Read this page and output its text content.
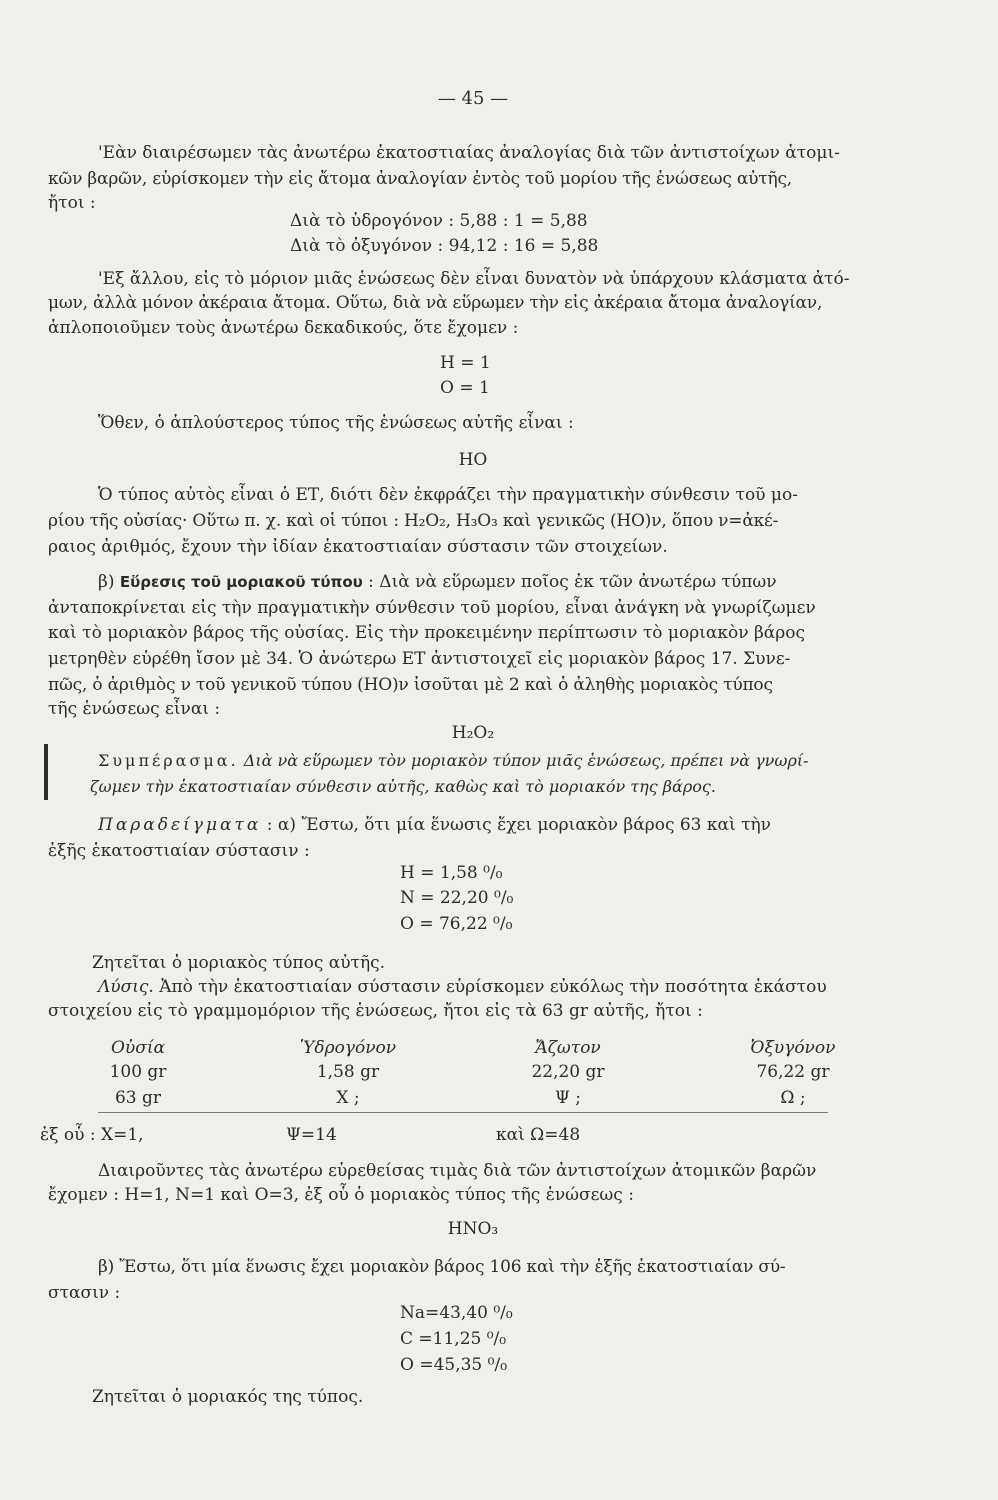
— 45 —
'Εὰν διαιρέσωμεν τὰς ἀνωτέρω ἑκατοστιαίας ἀναλογίας διὰ τῶν ἀντιστοίχων ἀτομι-
κῶν βαρῶν, εὑρίσκομεν τὴν εἰς ἄτομα ἀναλογίαν ἐντὸς τοῦ μορίου τῆς ἑνώσεως αὐτῆς,
ἤτοι :
Διὰ τὸ ὑδρογόνον : 5,88 : 1 = 5,88
Διὰ τὸ ὀξυγόνον : 94,12 : 16 = 5,88
'Εξ ἄλλου, εἰς τὸ μόριον μιᾶς ἑνώσεως δὲν εἶναι δυνατὸν νὰ ὑπάρχουν κλάσματα ἀτό-
μων, ἀλλὰ μόνον ἀκέραια ἄτομα. Οὕτω, διὰ νὰ εὕρωμεν τὴν εἰς ἀκέραια ἄτομα ἀναλογίαν,
ἁπλοποιοῦμεν τοὺς ἀνωτέρω δεκαδικούς, ὅτε ἔχομεν :
H = 1
O = 1
Ὅθεν, ὁ ἁπλούστερος τύπος τῆς ἑνώσεως αὐτῆς εἶναι :
HO
Ὁ τύπος αὐτὸς εἶναι ὁ ΕΤ, διότι δὲν ἐκφράζει τὴν πραγματικὴν σύνθεσιν τοῦ μο-
ρίου τῆς οὐσίας· Οὕτω π. χ. καὶ οἱ τύποι : H₂O₂, H₃O₃ καὶ γενικῶς (HO)ν, ὅπου ν=ἀκέ-
ραιος ἀριθμός, ἔχουν τὴν ἰδίαν ἑκατοστιαίαν σύστασιν τῶν στοιχείων.
β) Εὕρεσις τοῦ μοριακοῦ τύπου : Διὰ νὰ εὕρωμεν ποῖος ἐκ τῶν ἀνωτέρω τύπων
ἀνταποκρίνεται εἰς τὴν πραγματικὴν σύνθεσιν τοῦ μορίου, εἶναι ἀνάγκη νὰ γνωρίζωμεν
καὶ τὸ μοριακὸν βάρος τῆς οὐσίας. Εἰς τὴν προκειμένην περίπτωσιν τὸ μοριακὸν βάρος
μετρηθὲν εὑρέθη ἴσον μὲ 34. Ὁ ἀνώτερω ΕΤ ἀντιστοιχεῖ εἰς μοριακὸν βάρος 17. Συνε-
πῶς, ὁ ἀριθμὸς ν τοῦ γενικοῦ τύπου (HO)ν ἰσοῦται μὲ 2 καὶ ὁ ἀληθὴς μοριακὸς τύπος
τῆς ἑνώσεως εἶναι :
H₂O₂
Συμπέρασμα. Διὰ νὰ εὕρωμεν τὸν μοριακὸν τύπον μιᾶς ἑνώσεως, πρέπει νὰ γνωρί-
ζωμεν τὴν ἑκατοστιαίαν σύνθεσιν αὐτῆς, καθὼς καὶ τὸ μοριακόν της βάρος.
Παραδείγματα : α) Ἔστω, ὅτι μία ἕνωσις ἔχει μοριακὸν βάρος 63 καὶ τὴν
ἑξῆς ἑκατοστιαίαν σύστασιν :
H = 1,58 ⁰/₀
N = 22,20 ⁰/₀
O = 76,22 ⁰/₀
Ζητεῖται ὁ μοριακὸς τύπος αὐτῆς.
Λύσις. Ἀπὸ τὴν ἑκατοστιαίαν σύστασιν εὑρίσκομεν εὐκόλως τὴν ποσότητα ἑκάστου
στοιχείου εἰς τὸ γραμμομόριον τῆς ἑνώσεως, ἤτοι εἰς τὰ 63 gr αὐτῆς, ἤτοι :
Οὐσία	Ὑδρογόνον	Ἄζωτον	Ὀξυγόνον
100 gr	1,58 gr	22,20 gr	76,22 gr
63 gr	X ;	Ψ ;	Ω ;
ἐξ οὗ : X=1,	Ψ=14	καὶ Ω=48
Διαιροῦντες τὰς ἀνωτέρω εὑρεθείσας τιμὰς διὰ τῶν ἀντιστοίχων ἀτομικῶν βαρῶν
ἔχομεν : H=1, N=1 καὶ O=3, ἐξ οὗ ὁ μοριακὸς τύπος τῆς ἑνώσεως :
HNO₃
β) Ἔστω, ὅτι μία ἕνωσις ἔχει μοριακὸν βάρος 106 καὶ τὴν ἑξῆς ἑκατοστιαίαν σύ-
στασιν :
Na=43,40 ⁰/₀
C =11,25 ⁰/₀
O =45,35 ⁰/₀
Ζητεῖται ὁ μοριακός της τύπος.
